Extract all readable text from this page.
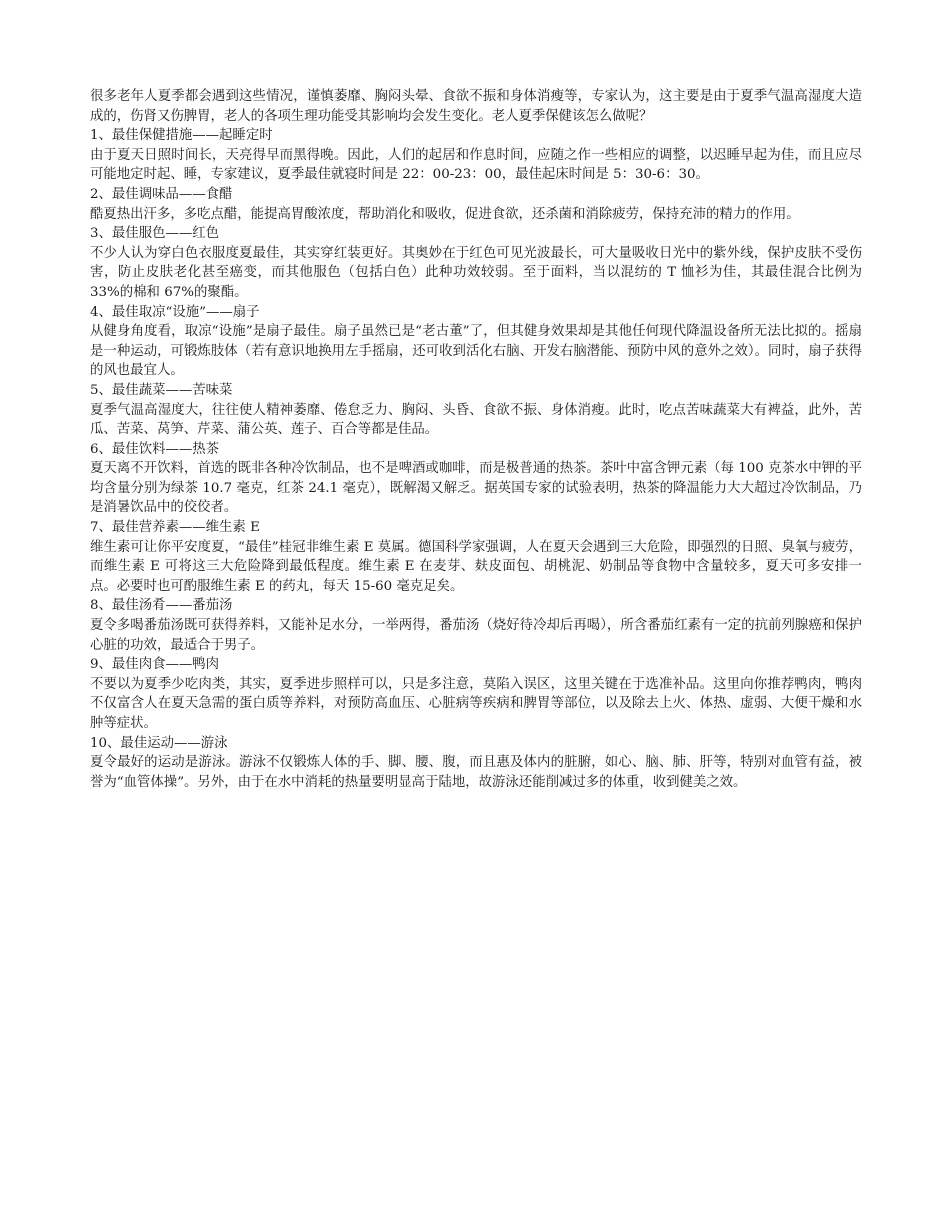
很多老年人夏季都会遇到这些情况，谨慎萎靡、胸闷头晕、食欲不振和身体消瘦等，专家认为，这主要是由于夏季气温高湿度大造成的，伤肾又伤脾胃，老人的各项生理功能受其影响均会发生变化。老人夏季保健该怎么做呢？

1、最佳保健措施——起睡定时

由于夏天日照时间长，天亮得早而黑得晚。因此，人们的起居和作息时间，应随之作一些相应的调整，以迟睡早起为佳，而且应尽可能地定时起、睡，专家建议，夏季最佳就寝时间是 22：00-23：00，最佳起床时间是 5：30-6：30。

2、最佳调味品——食醋

酷夏热出汗多，多吃点醋，能提高胃酸浓度，帮助消化和吸收，促进食欲，还杀菌和消除疲劳，保持充沛的精力的作用。

3、最佳服色——红色

不少人认为穿白色衣服度夏最佳，其实穿红装更好。其奥妙在于红色可见光波最长，可大量吸收日光中的紫外线，保护皮肤不受伤害，防止皮肤老化甚至癌变，而其他服色（包括白色）此种功效较弱。至于面料，当以混纺的 T 恤衫为佳，其最佳混合比例为 33%的棉和 67%的聚酯。

4、最佳取凉“设施”——扇子

从健身角度看，取凉“设施”是扇子最佳。扇子虽然已是“老古董”了，但其健身效果却是其他任何现代降温设备所无法比拟的。摇扇是一种运动，可锻炼肢体（若有意识地换用左手摇扇，还可收到活化右脑、开发右脑潜能、预防中风的意外之效）。同时，扇子获得的风也最宜人。

5、最佳蔬菜——苦味菜

夏季气温高湿度大，往往使人精神萎靡、倦怠乏力、胸闷、头昏、食欲不振、身体消瘦。此时，吃点苦味蔬菜大有裨益，此外，苦瓜、苦菜、莴笋、芹菜、蒲公英、莲子、百合等都是佳品。

6、最佳饮料——热茶

夏天离不开饮料，首选的既非各种冷饮制品，也不是啤酒或咖啡，而是极普通的热茶。茶叶中富含钾元素（每 100 克茶水中钾的平均含量分别为绿茶 10.7 毫克，红茶 24.1 毫克），既解渴又解乏。据英国专家的试验表明，热茶的降温能力大大超过冷饮制品，乃是消暑饮品中的佼佼者。

7、最佳营养素——维生素 E

维生素可让你平安度夏，“最佳”桂冠非维生素 E 莫属。德国科学家强调，人在夏天会遇到三大危险，即强烈的日照、臭氧与疲劳，而维生素 E 可将这三大危险降到最低程度。维生素 E 在麦芽、麸皮面包、胡桃泥、奶制品等食物中含量较多，夏天可多安排一点。必要时也可酌服维生素 E 的药丸，每天 15-60 毫克足矣。

8、最佳汤肴——番茄汤

夏令多喝番茄汤既可获得养料，又能补足水分，一举两得，番茄汤（烧好待冷却后再喝），所含番茄红素有一定的抗前列腺癌和保护心脏的功效，最适合于男子。

9、最佳肉食——鸭肉

不要以为夏季少吃肉类，其实，夏季进步照样可以，只是多注意，莫陷入误区，这里关键在于选准补品。这里向你推荐鸭肉，鸭肉不仅富含人在夏天急需的蛋白质等养料，对预防高血压、心脏病等疾病和脾胃等部位，以及除去上火、体热、虚弱、大便干燥和水肿等症状。

10、最佳运动——游泳

夏令最好的运动是游泳。游泳不仅锻炼人体的手、脚、腰、腹，而且惠及体内的脏腑，如心、脑、肺、肝等，特别对血管有益，被誉为“血管体操”。另外，由于在水中消耗的热量要明显高于陆地，故游泳还能削减过多的体重，收到健美之效。
